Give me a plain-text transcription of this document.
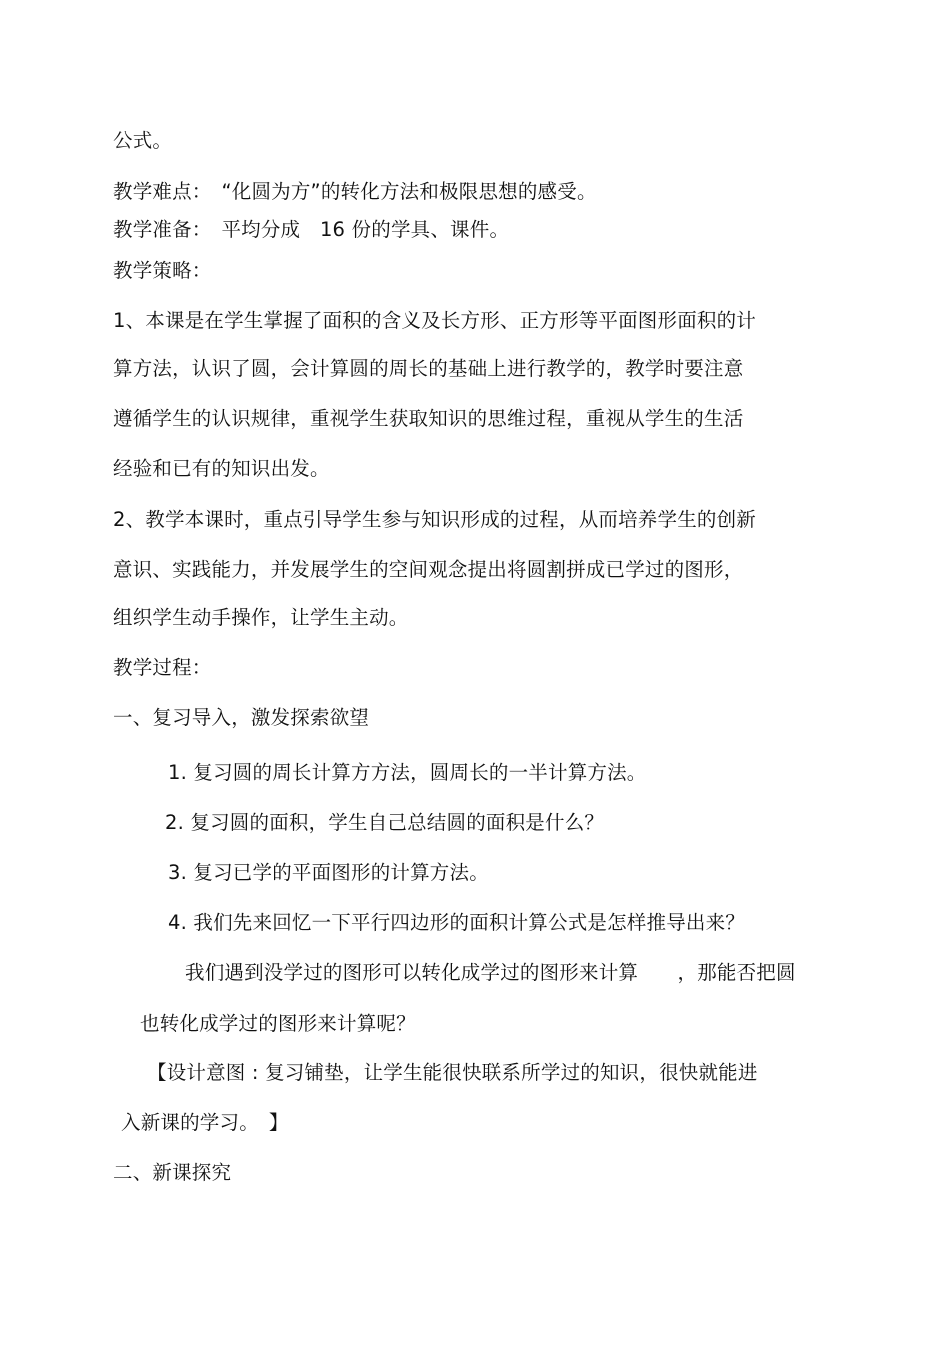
公式。
教学难点：　“化圆为方”的转化方法和极限思想的感受。
教学准备：　平均分成　16 份的学具、课件。
教学策略：
1、本课是在学生掌握了面积的含义及长方形、正方形等平面图形面积的计
算方法，认识了圆，会计算圆的周长的基础上进行教学的，教学时要注意
遵循学生的认识规律，重视学生获取知识的思维过程，重视从学生的生活
经验和已有的知识出发。
2、教学本课时，重点引导学生参与知识形成的过程，从而培养学生的创新
意识、实践能力，并发展学生的空间观念提出将圆割拼成已学过的图形，
组织学生动手操作，让学生主动。
教学过程：
一、复习导入，激发探索欲望
1. 复习圆的周长计算方方法，圆周长的一半计算方法。
2. 复习圆的面积，学生自己总结圆的面积是什么？
3. 复习已学的平面图形的计算方法。
4. 我们先来回忆一下平行四边形的面积计算公式是怎样推导出来？
我们遇到没学过的图形可以转化成学过的图形来计算　　，那能否把圆
也转化成学过的图形来计算呢？
【设计意图 : 复习铺垫，让学生能很快联系所学过的知识，很快就能进
入新课的学习。　】
二、新课探究
